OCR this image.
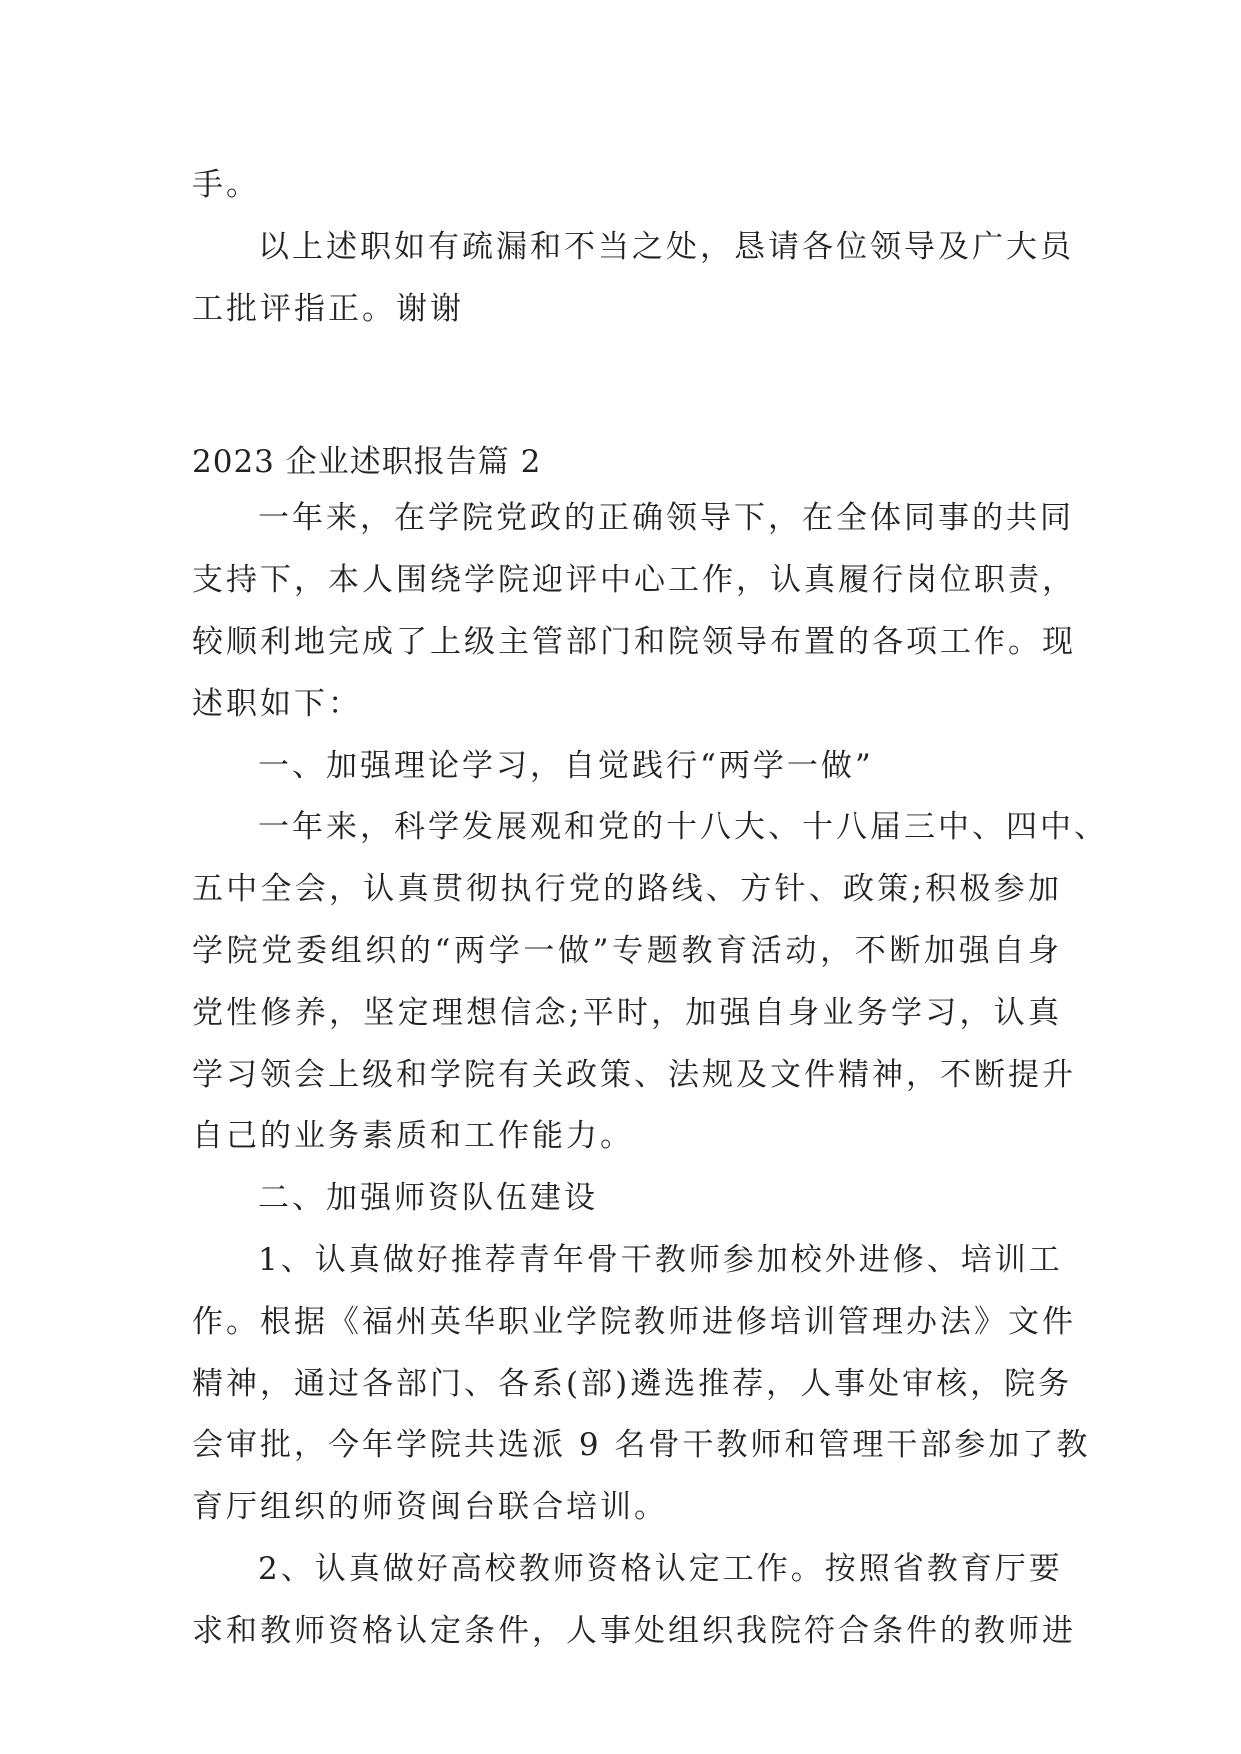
手。
以上述职如有疏漏和不当之处，恳请各位领导及广大员
工批评指正。谢谢
2023 企业述职报告篇 2
一年来，在学院党政的正确领导下，在全体同事的共同
支持下，本人围绕学院迎评中心工作，认真履行岗位职责，
较顺利地完成了上级主管部门和院领导布置的各项工作。现
述职如下：
一、加强理论学习，自觉践行“两学一做”
一年来，科学发展观和党的十八大、十八届三中、四中、
五中全会，认真贯彻执行党的路线、方针、政策;积极参加
学院党委组织的“两学一做”专题教育活动，不断加强自身
党性修养，坚定理想信念;平时，加强自身业务学习，认真
学习领会上级和学院有关政策、法规及文件精神，不断提升
自己的业务素质和工作能力。
二、加强师资队伍建设
1、认真做好推荐青年骨干教师参加校外进修、培训工
作。根据《福州英华职业学院教师进修培训管理办法》文件
精神，通过各部门、各系(部)遴选推荐，人事处审核，院务
会审批，今年学院共选派 9 名骨干教师和管理干部参加了教
育厅组织的师资闽台联合培训。
2、认真做好高校教师资格认定工作。按照省教育厅要
求和教师资格认定条件，人事处组织我院符合条件的教师进
